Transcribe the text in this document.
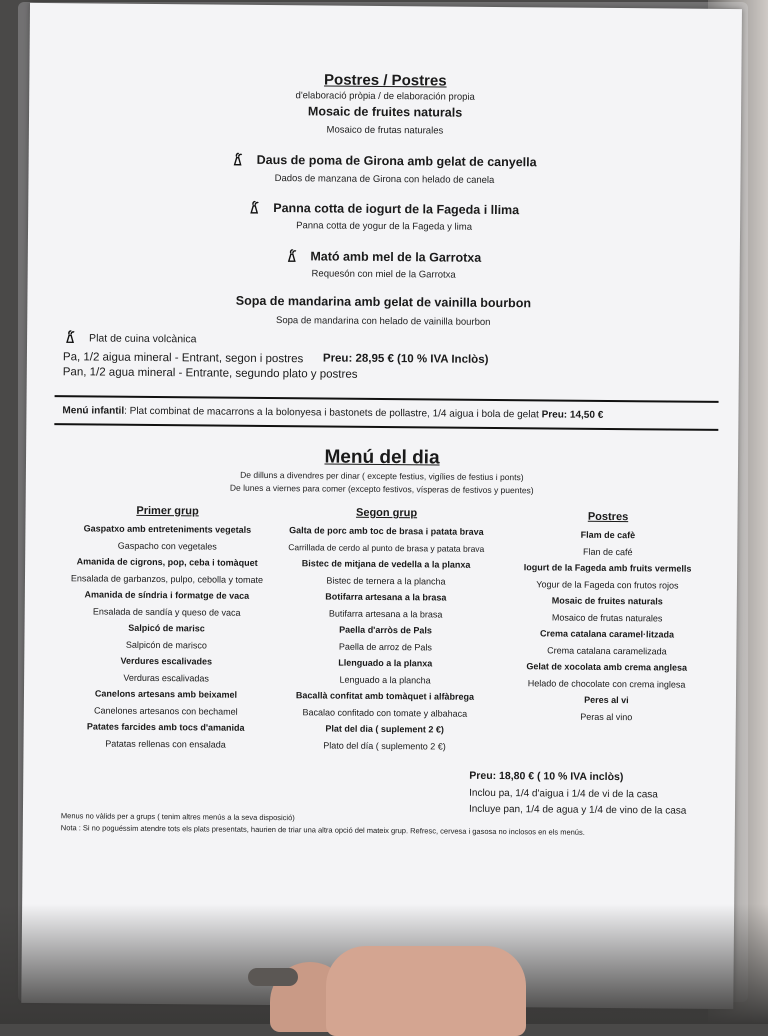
Postres / Postres
d'elaboració pròpia / de elaboración propia
Mosaic de fruites naturals
Mosaico de frutas naturales
Daus de poma de Girona amb gelat de canyella
Dados de manzana de Girona con helado de canela
Panna cotta de iogurt de la Fageda i llima
Panna cotta de yogur de la Fageda y lima
Mató amb mel de la Garrotxa
Requesón con miel de la Garrotxa
Sopa de mandarina amb gelat de vainilla bourbon
Sopa de mandarina con helado de vainilla bourbon
Plat de cuina volcànica
Pa, 1/2 aigua mineral - Entrant, segon i postres Preu: 28,95 € (10 % IVA Inclòs)
Pan, 1/2 agua mineral - Entrante, segundo plato y postres
Menú infantil: Plat combinat de macarrons a la bolonyesa i bastonets de pollastre, 1/4 aigua i bola de gelat Preu: 14,50 €
Menú del dia
De dilluns a divendres per dinar ( excepte festius, vigílies de festius i ponts)
De lunes a viernes para comer (excepto festivos, vísperas de festivos y puentes)
Primer grup
Gaspatxo amb entreteniments vegetals
Gaspacho con vegetales
Amanida de cigrons, pop, ceba i tomàquet
Ensalada de garbanzos, pulpo, cebolla y tomate
Amanida de síndria i formatge de vaca
Ensalada de sandía y queso de vaca
Salpicó de marisc
Salpicón de marisco
Verdures escalivades
Verduras escalivadas
Canelons artesans amb beixamel
Canelones artesanos con bechamel
Patates farcides amb tocs d'amanida
Patatas rellenas con ensalada
Segon grup
Galta de porc amb toc de brasa i patata brava
Carrillada de cerdo al punto de brasa y patata brava
Bistec de mitjana de vedella a la planxa
Bistec de ternera a la plancha
Botifarra artesana a la brasa
Butifarra artesana a la brasa
Paella d'arròs de Pals
Paella de arroz de Pals
Llenguado a la planxa
Lenguado a la plancha
Bacallà confitat amb tomàquet i alfàbrega
Bacalao confitado con tomate y albahaca
Plat del dia ( suplement 2 €)
Plato del día ( suplemento 2 €)
Postres
Flam de cafè
Flan de café
Iogurt de la Fageda amb fruits vermells
Yogur de la Fageda con frutos rojos
Mosaic de fruites naturals
Mosaico de frutas naturales
Crema catalana caramel·litzada
Crema catalana caramelizada
Gelat de xocolata amb crema anglesa
Helado de chocolate con crema inglesa
Peres al vi
Peras al vino
Preu: 18,80 € ( 10 % IVA inclòs)
Inclou pa, 1/4 d'aigua i 1/4 de vi de la casa
Incluye pan, 1/4 de agua y 1/4 de vino de la casa
Menus no vàlids per a grups ( tenim altres menús a la seva disposició)
Nota : Si no poguéssim atendre tots els plats presentats, haurien de triar una altra opció del mateix grup. Refresc, cervesa i gasosa no inclosos en els menús.
